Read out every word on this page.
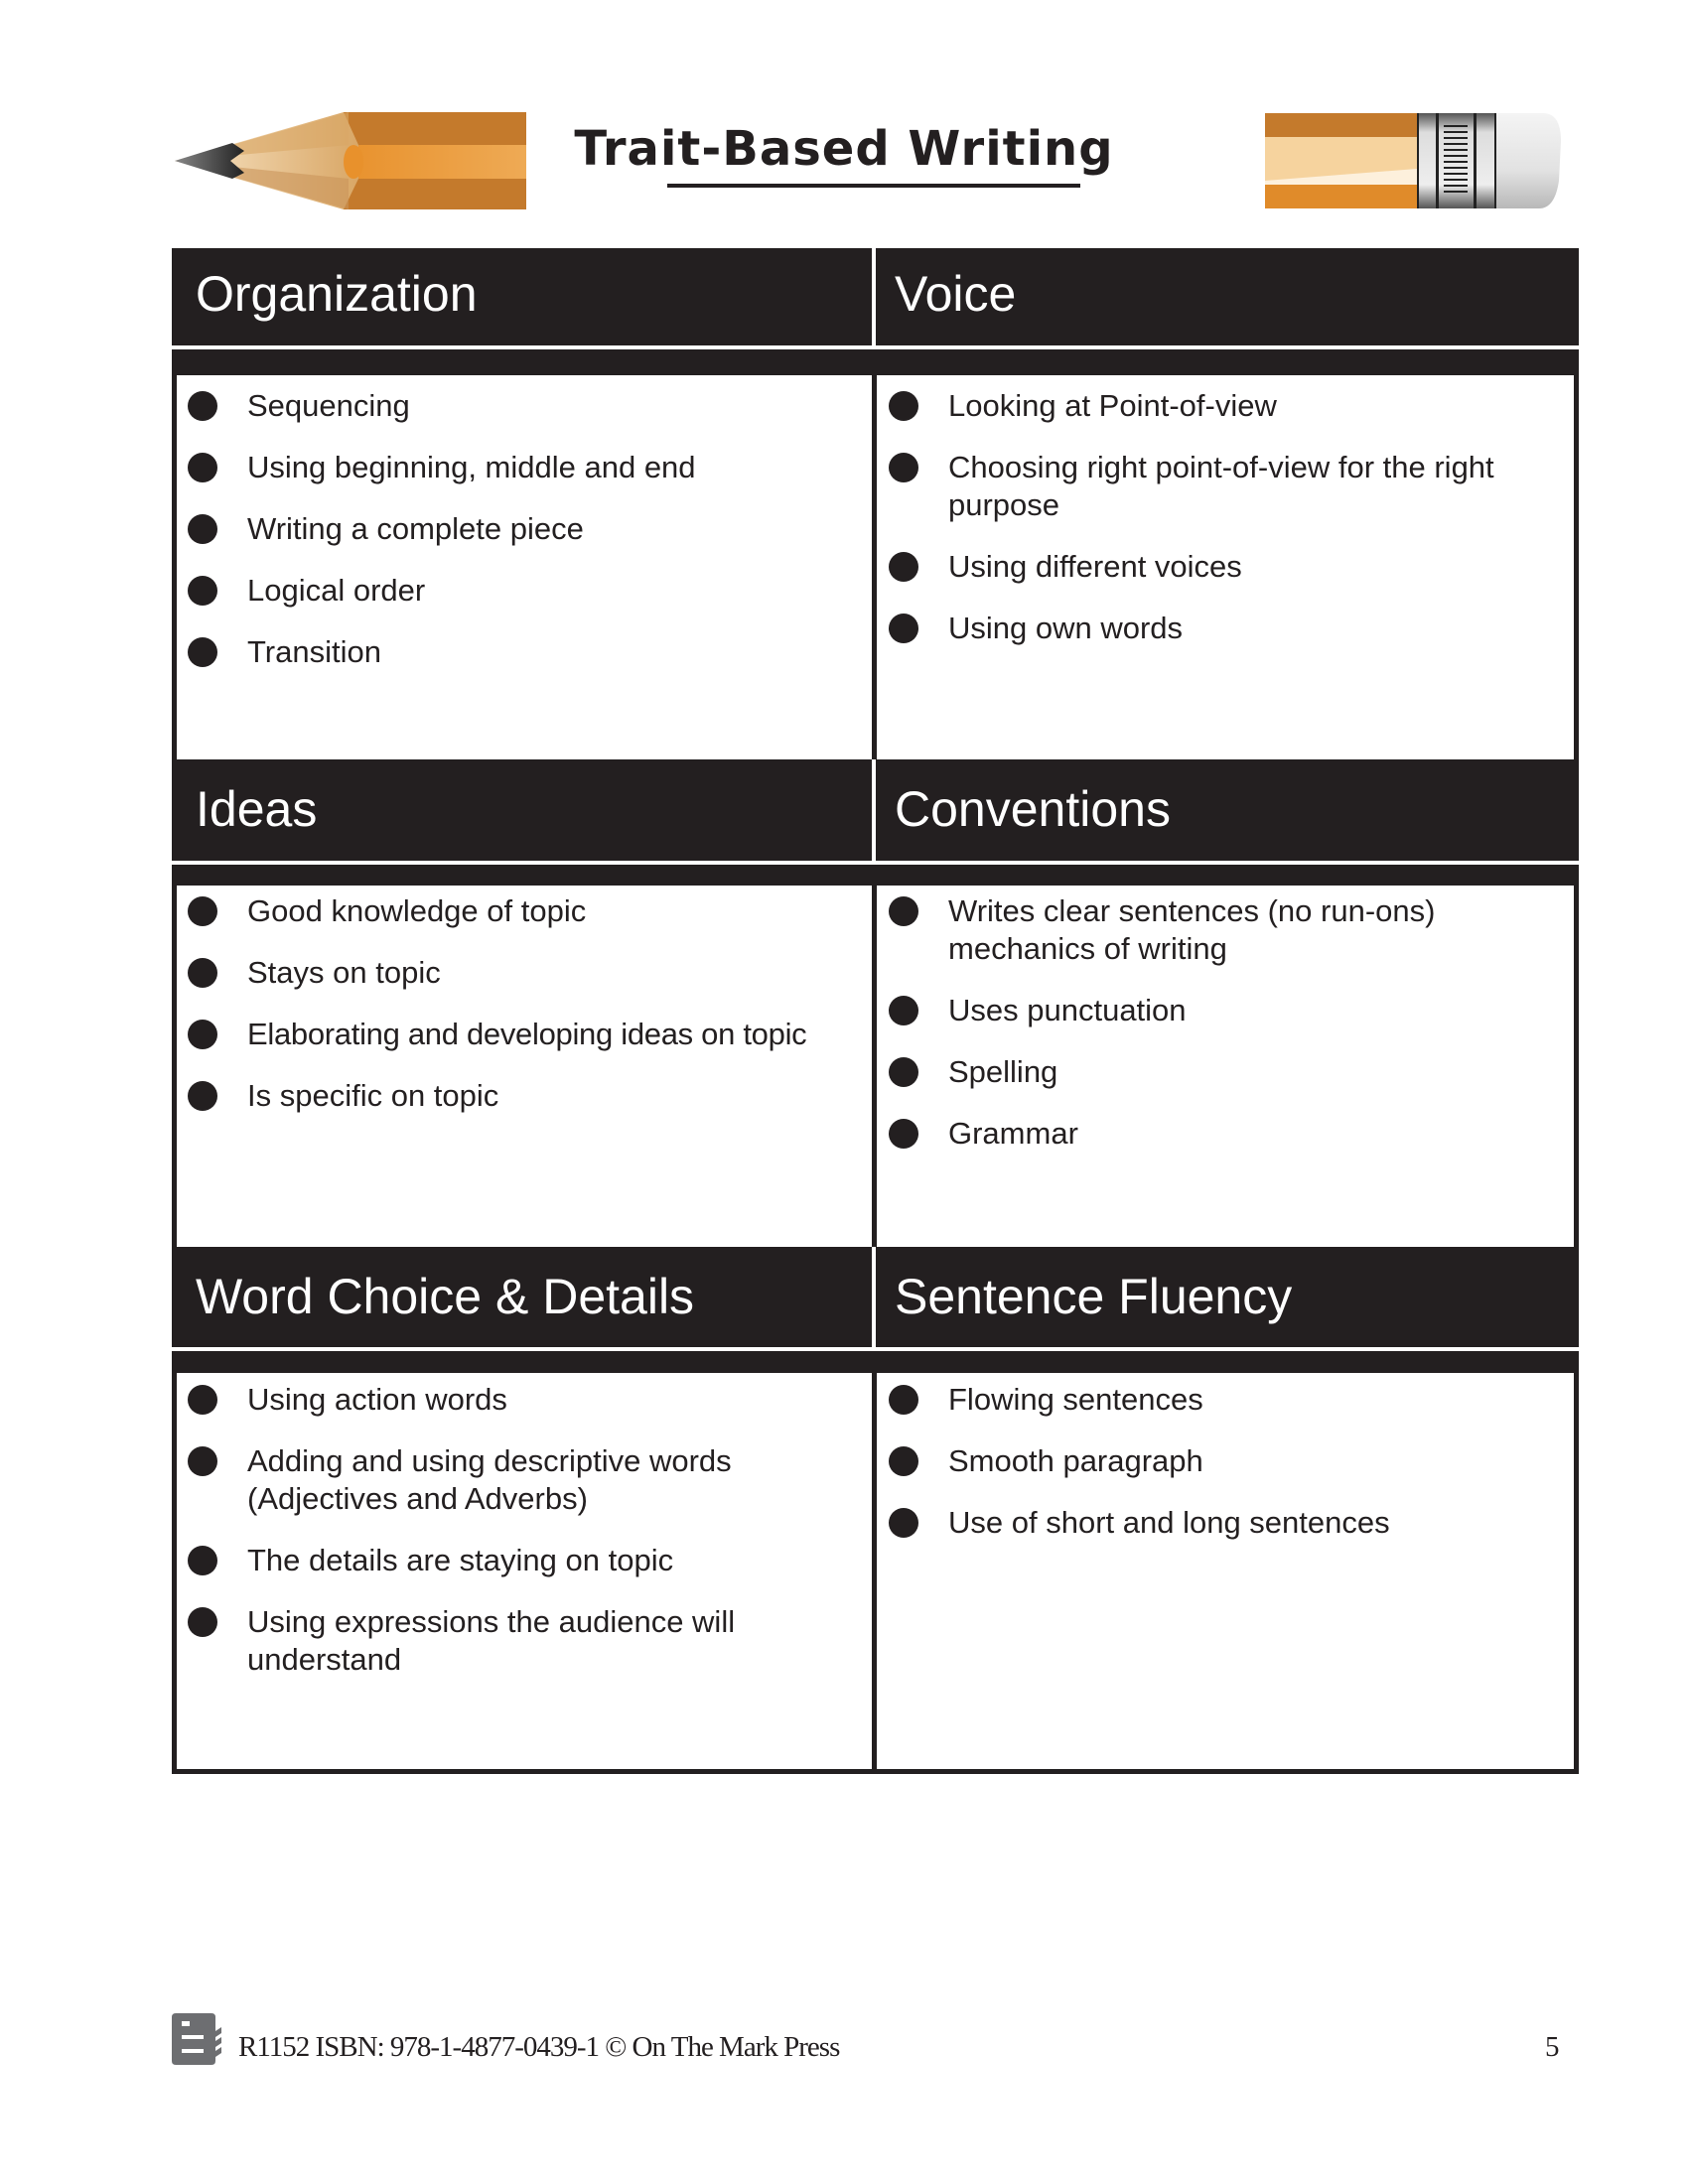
Trait-Based Writing
Organization	Voice
Ideas	Conventions
Word Choice & Details	Sentence Fluency
Sequencing
Using beginning, middle and end
Writing a complete piece
Logical order
Transition
Looking at Point-of-view
Choosing right point-of-view for the right purpose
Using different voices
Using own words
Good knowledge of topic
Stays on topic
Elaborating and developing ideas on topic
Is specific on topic
Writes clear sentences (no run-ons) mechanics of writing
Uses punctuation
Spelling
Grammar
Using action words
Adding and using descriptive words (Adjectives and Adverbs)
The details are staying on topic
Using expressions the audience will understand
Flowing sentences
Smooth paragraph
Use of short and long sentences
R1152 ISBN: 978-1-4877-0439-1 © On The Mark Press	5
